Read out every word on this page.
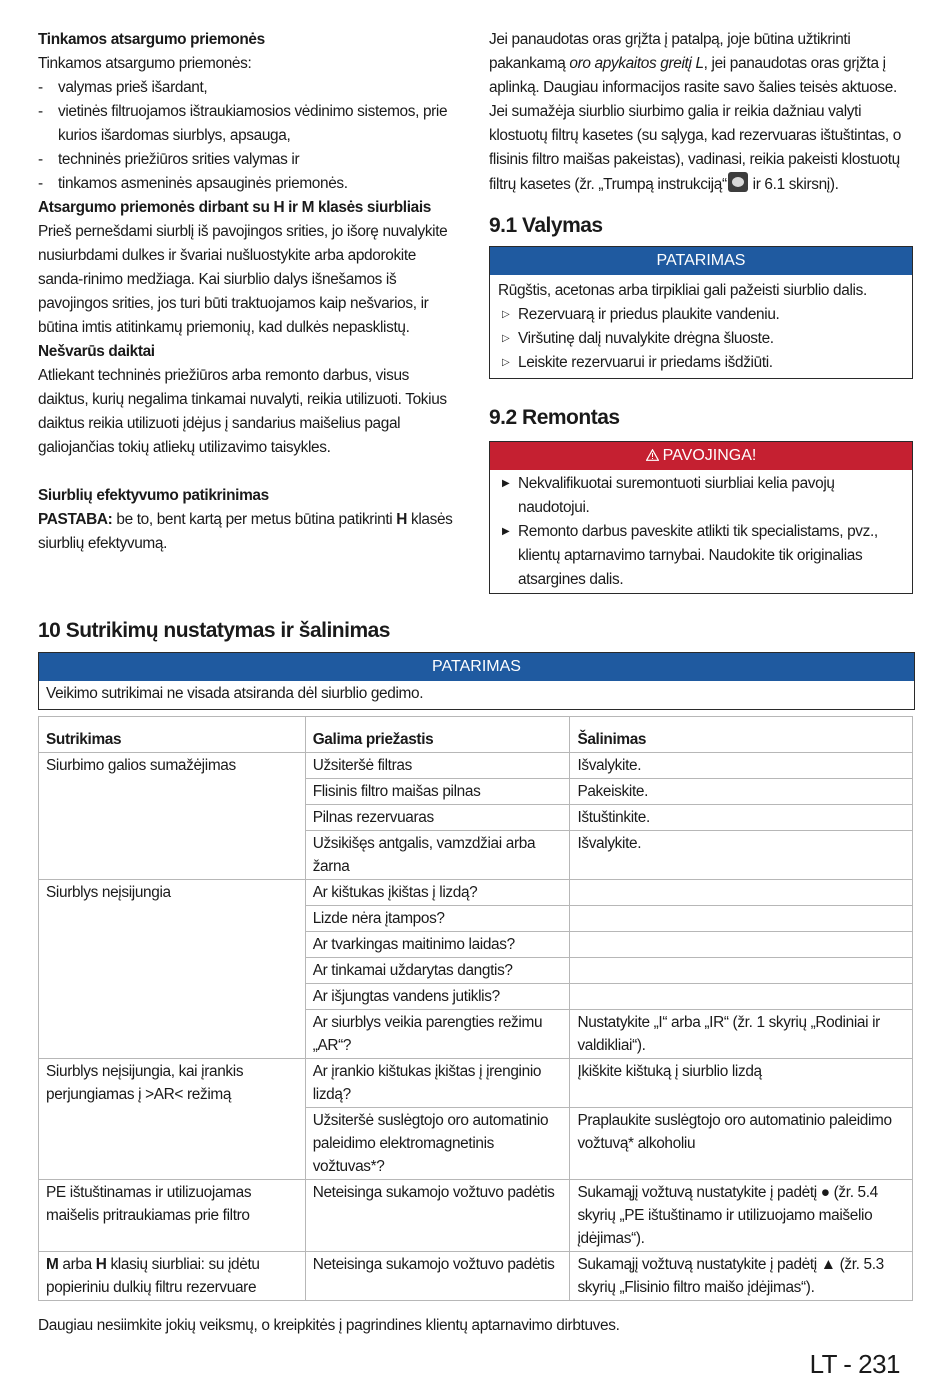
Tinkamos atsargumo priemonės

Tinkamos atsargumo priemonės:

- valymas prieš išardant,
- vietinės filtruojamos ištraukiamosios vėdinimo sistemos, prie kurios išardomas siurblys, apsauga,
- techninės priežiūros srities valymas ir
- tinkamos asmeninės apsauginės priemonės.

Atsargumo priemonės dirbant su H ir M klasės siurbliais

Prieš pernešdami siurblį iš pavojingos srities, jo išorę nuvalykite nusiurbdami dulkes ir švariai nušluostykite arba apdorokite sanda-rinimo medžiaga. Kai siurblio dalys išnešamos iš pavojingos srities, jos turi būti traktuojamos kaip nešvarios, ir būtina imtis atitinkamų priemonių, kad dulkės nepasklistų.

Nešvarūs daiktai

Atliekant techninės priežiūros arba remonto darbus, visus daiktus, kurių negalima tinkamai nuvalyti, reikia utilizuoti. Tokius daiktus reikia utilizuoti įdėjus į sandarius maišelius pagal galiojančias tokių atliekų utilizavimo taisykles.

Siurblių efektyvumo patikrinimas

PASTABA: be to, bent kartą per metus būtina patikrinti H klasės siurblių efektyvumą.

Jei panaudotas oras grįžta į patalpą, joje būtina užtikrinti pakankamą oro apykaitos greitį L, jei panaudotas oras grįžta į aplinką. Daugiau informacijos rasite savo šalies teisės aktuose.

Jei sumažėja siurblio siurbimo galia ir reikia dažniau valyti klostuotų filtrų kasetes (su sąlyga, kad rezervuaras ištuštintas, o flisinis filtro maišas pakeistas), vadinasi, reikia pakeisti klostuotų filtrų kasetes (žr. „Trumpą instrukciją“ ir 6.1 skirsnį).

9.1 Valymas

PATARIMAS

Rūgštis, acetonas arba tirpikliai gali pažeisti siurblio dalis.

▷ Rezervuarą ir priedus plaukite vandeniu.
▷ Viršutinę dalį nuvalykite drėgna šluoste.
▷ Leiskite rezervuarui ir priedams išdžiūti.

9.2 Remontas

PAVOJINGA!
▶ Nekvalifikuotai suremontuoti siurbliai kelia pavojų naudotojui.
▶ Remonto darbus paveskite atlikti tik specialistams, pvz., klientų aptarnavimo tarnybai. Naudokite tik originalias atsargines dalis.

10 Sutrikimų nustatymas ir šalinimas

PATARIMAS
Veikimo sutrikimai ne visada atsiranda dėl siurblio gedimo.
Sutrikimas	Galima priežastis	Šalinimas
Siurbimo galios sumažėjimas	Užsiteršė filtras	Išvalykite.
	Flisinis filtro maišas pilnas	Pakeiskite.
	Pilnas rezervuaras	Ištuštinkite.
	Užsikišęs antgalis, vamzdžiai arba žarna	Išvalykite.
Siurblys neįsijungia	Ar kištukas įkištas į lizdą?	
	Lizde nėra įtampos?	
	Ar tvarkingas maitinimo laidas?	
	Ar tinkamai uždarytas dangtis?	
	Ar išjungtas vandens jutiklis?	
	Ar siurblys veikia parengties režimu „AR“?	Nustatykite „I“ arba „IR“ (žr. 1 skyrių „Rodiniai ir valdikliai“).
Siurblys neįsijungia, kai įrankis perjungiamas į >AR< režimą	Ar įrankio kištukas įkištas į įrenginio lizdą?	Įkiškite kištuką į siurblio lizdą
	Užsiteršė suslėgtojo oro automatinio paleidimo elektromagnetinis vožtuvas*?	Praplaukite suslėgtojo oro automatinio paleidimo vožtuvą* alkoholiu
PE ištuštinamas ir utilizuojamas maišelis pritraukiamas prie filtro	Neteisinga sukamojo vožtuvo padėtis	Sukamąjį vožtuvą nustatykite į padėtį ● (žr. 5.4 skyrių „PE ištuštinamo ir utilizuojamo maišelio įdėjimas“).
M arba H klasių siurbliai: su įdėtu popieriniu dulkių filtru rezervuare	Neteisinga sukamojo vožtuvo padėtis	Sukamąjį vožtuvą nustatykite į padėtį ▲ (žr. 5.3 skyrių „Flisinio filtro maišo įdėjimas“).

Daugiau nesiimkite jokių veiksmų, o kreipkitės į pagrindines klientų aptarnavimo dirbtuves.

LT - 231
